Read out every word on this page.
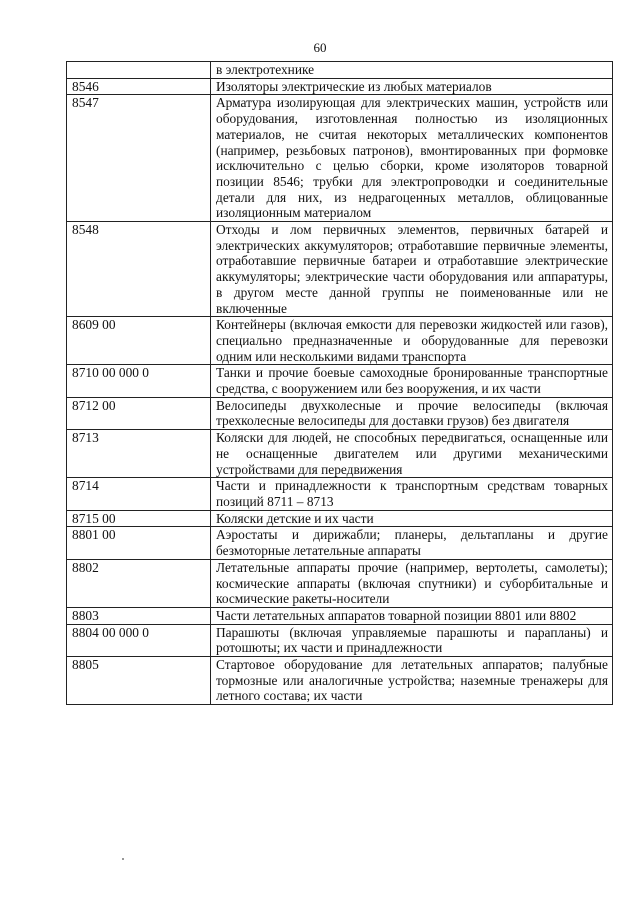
60
	в электротехнике
8546	Изоляторы электрические из любых материалов
8547	Арматура изолирующая для электрических машин, устройств или оборудования, изготовленная полностью из изоляционных материалов, не считая некоторых металлических компонентов (например, резьбовых патронов), вмонтированных при формовке исключительно с целью сборки, кроме изоляторов товарной позиции 8546; трубки для электропроводки и соединительные детали для них, из недрагоценных металлов, облицованные изоляционным материалом
8548	Отходы и лом первичных элементов, первичных батарей и электрических аккумуляторов; отработавшие первичные элементы, отработавшие первичные батареи и отработавшие электрические аккумуляторы; электрические части оборудования или аппаратуры, в другом месте данной группы не поименованные или не включенные
8609 00	Контейнеры (включая емкости для перевозки жидкостей или газов), специально предназначенные и оборудованные для перевозки одним или несколькими видами транспорта
8710 00 000 0	Танки и прочие боевые самоходные бронированные транспортные средства, с вооружением или без вооружения, и их части
8712 00	Велосипеды двухколесные и прочие велосипеды (включая трехколесные велосипеды для доставки грузов) без двигателя
8713	Коляски для людей, не способных передвигаться, оснащенные или не оснащенные двигателем или другими механическими устройствами для передвижения
8714	Части и принадлежности к транспортным средствам товарных позиций 8711 – 8713
8715 00	Коляски детские и их части
8801 00	Аэростаты и дирижабли; планеры, дельтапланы и другие безмоторные летательные аппараты
8802	Летательные аппараты прочие (например, вертолеты, самолеты); космические аппараты (включая спутники) и суборбитальные и космические ракеты-носители
8803	Части летательных аппаратов товарной позиции 8801 или 8802
8804 00 000 0	Парашюты (включая управляемые парашюты и парапланы) и ротошюты; их части и принадлежности
8805	Стартовое оборудование для летательных аппаратов; палубные тормозные или аналогичные устройства; наземные тренажеры для летного состава; их части
